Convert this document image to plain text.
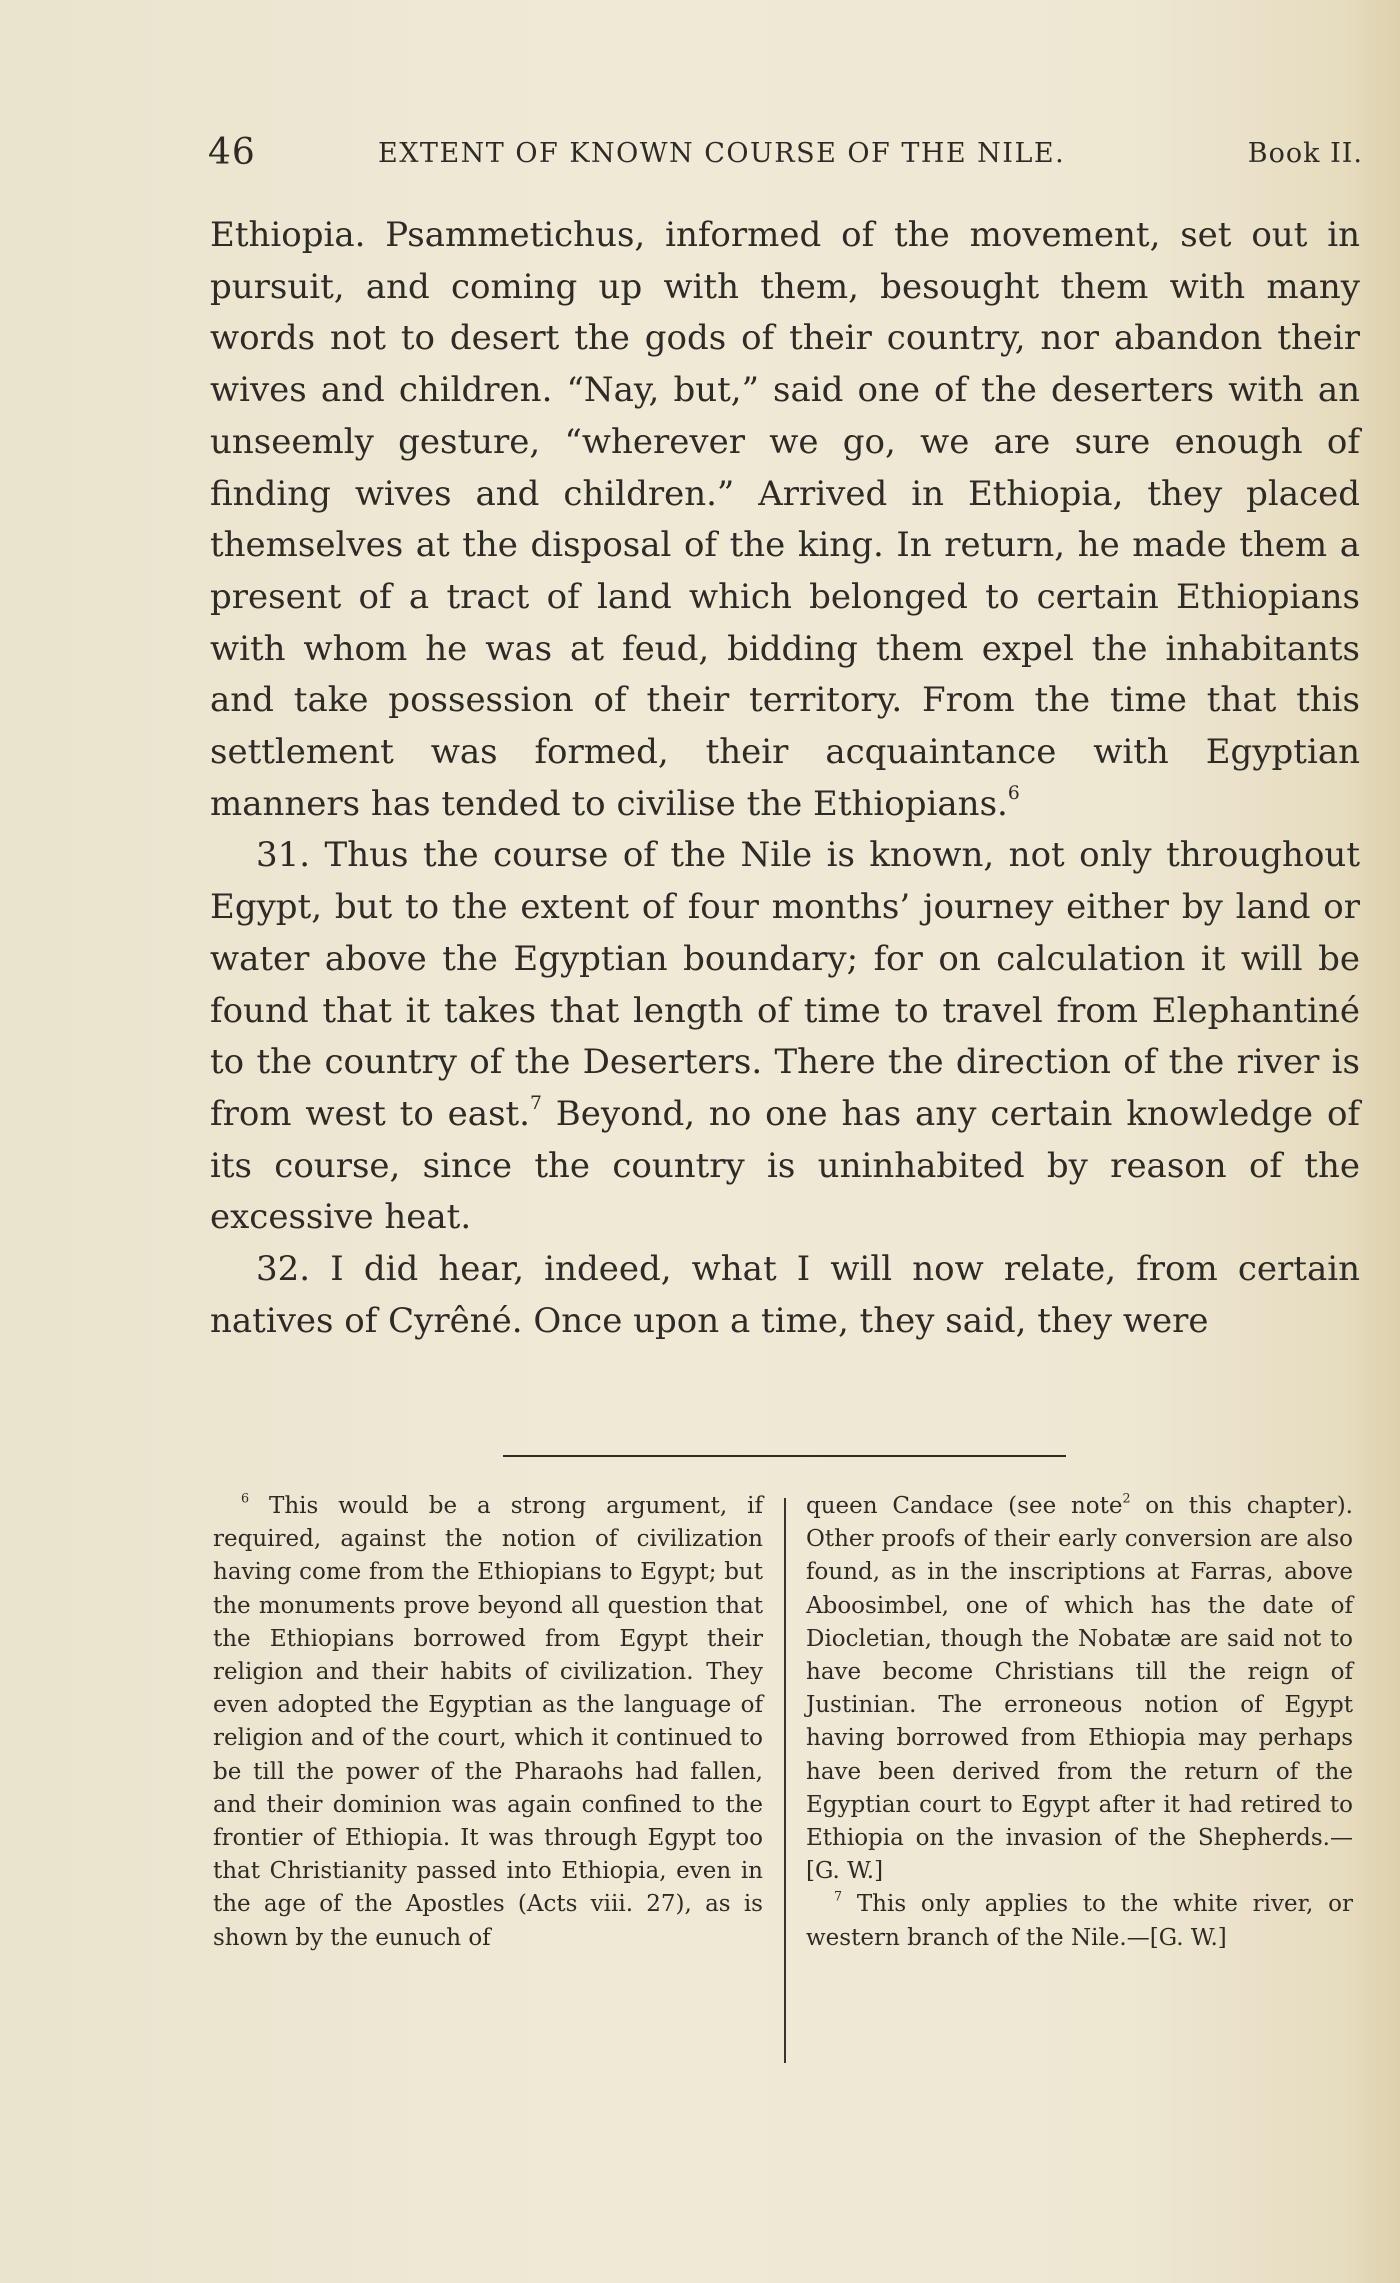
46	EXTENT OF KNOWN COURSE OF THE NILE.	Book II.

Ethiopia. Psammetichus, informed of the movement, set out in pursuit, and coming up with them, besought them with many words not to desert the gods of their country, nor abandon their wives and children. “Nay, but,” said one of the deserters with an unseemly gesture, “wherever we go, we are sure enough of finding wives and children.” Arrived in Ethiopia, they placed themselves at the disposal of the king. In return, he made them a present of a tract of land which belonged to certain Ethiopians with whom he was at feud, bidding them expel the inhabitants and take possession of their territory. From the time that this settlement was formed, their acquaintance with Egyptian manners has tended to civilise the Ethiopians.$^6$

31. Thus the course of the Nile is known, not only throughout Egypt, but to the extent of four months’ journey either by land or water above the Egyptian boundary; for on calculation it will be found that it takes that length of time to travel from Elephantiné to the country of the Deserters. There the direction of the river is from west to east.$^7$ Beyond, no one has any certain knowledge of its course, since the country is uninhabited by reason of the excessive heat.

32. I did hear, indeed, what I will now relate, from certain natives of Cyrêné. Once upon a time, they said, they were

$^6$ This would be a strong argument, if required, against the notion of civilization having come from the Ethiopians to Egypt; but the monuments prove beyond all question that the Ethiopians borrowed from Egypt their religion and their habits of civilization. They even adopted the Egyptian as the language of religion and of the court, which it continued to be till the power of the Pharaohs had fallen, and their dominion was again confined to the frontier of Ethiopia. It was through Egypt too that Christianity passed into Ethiopia, even in the age of the Apostles (Acts viii. 27), as is shown by the eunuch of

queen Candace (see note$^2$ on this chapter). Other proofs of their early conversion are also found, as in the inscriptions at Farras, above Aboosimbel, one of which has the date of Diocletian, though the Nobatæ are said not to have become Christians till the reign of Justinian. The erroneous notion of Egypt having borrowed from Ethiopia may perhaps have been derived from the return of the Egyptian court to Egypt after it had retired to Ethiopia on the invasion of the Shepherds.—[G. W.]

$^7$ This only applies to the white river, or western branch of the Nile.—[G. W.]
